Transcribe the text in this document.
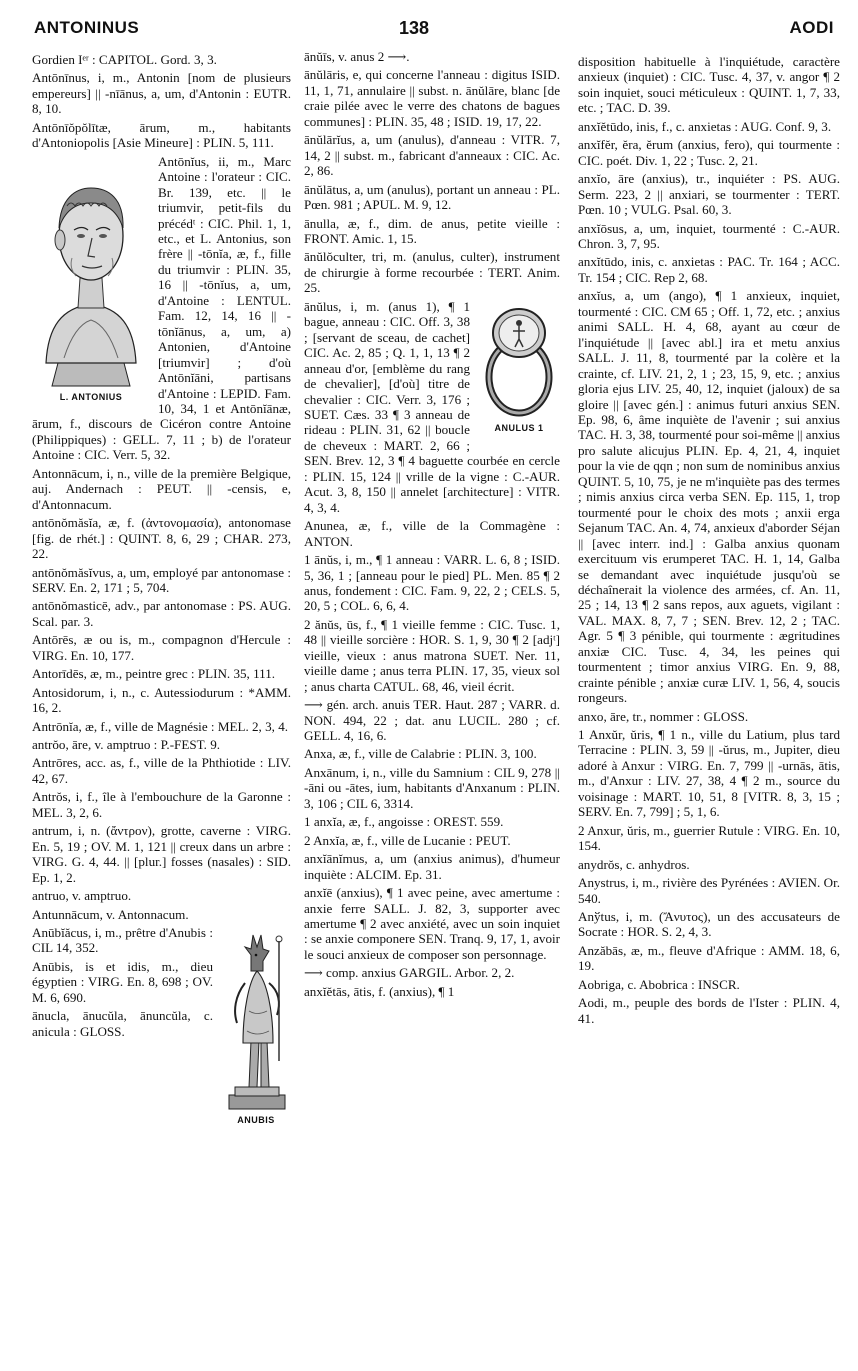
ANTONINUS	138	AODI

Gordien Iᵉʳ : CAPITOL. Gord. 3, 3.

Antōnīnus, i, m., Antonin [nom de plusieurs empereurs] || -nīānus, a, um, d'Antonin : EUTR. 8, 10.

Antōnīŏpŏlītæ, ārum, m., habitants d'Antoniopolis [Asie Mineure] : PLIN. 5, 111.

L. ANTONIUS

Antōnĭus, ii, m., Marc Antoine : l'orateur : CIC. Br. 139, etc. || le triumvir, petit-fils du précédᵗ : CIC. Phil. 1, 1, etc., et L. Antonius, son frère || -tōnĭa, æ, f., fille du triumvir : PLIN. 35, 16 || -tōnĭus, a, um, d'Antoine : LENTUL. Fam. 12, 14, 16 || -tōnĭānus, a, um, a) Antonien, d'Antoine [triumvir] ; d'où Antōnĭāni, partisans d'Antoine : LEPID. Fam. 10, 34, 1 et Antōnĭānæ, ārum, f., discours de Cicéron contre Antoine (Philippiques) : GELL. 7, 11 ; b) de l'orateur Antoine : CIC. Verr. 5, 32.

Antonnācum, i, n., ville de la première Belgique, auj. Andernach : PEUT. || -censis, e, d'Antonnacum.

antōnŏmăsĭa, æ, f. (ἀντονομασία), antonomase [fig. de rhét.] : QUINT. 8, 6, 29 ; CHAR. 273, 22.

antōnŏmăsĭvus, a, um, employé par antonomase : SERV. En. 2, 171 ; 5, 704.

antōnŏmasticē, adv., par antonomase : PS. AUG. Scal. par. 3.

Antōrēs, æ ou is, m., compagnon d'Hercule : VIRG. En. 10, 177.

Antorīdēs, æ, m., peintre grec : PLIN. 35, 111.

Antosidorum, i, n., c. Autessiodurum : *AMM. 16, 2.

Antrōnĭa, æ, f., ville de Magnésie : MEL. 2, 3, 4.

antrŏo, āre, v. amptruo : P.-FEST. 9.

Antrōres, acc. as, f., ville de la Phthiotide : LIV. 42, 67.

Antrŏs, i, f., île à l'embouchure de la Garonne : MEL. 3, 2, 6.

antrum, i, n. (ἄντρον), grotte, caverne : VIRG. En. 5, 19 ; OV. M. 1, 121 || creux dans un arbre : VIRG. G. 4, 44. || [plur.] fosses (nasales) : SID. Ep. 1, 2.

antruo, v. amptruo.

ANUBIS

Antunnācum, v. Antonnacum.

Anūbĭăcus, i, m., prêtre d'Anubis : CIL 14, 352.

Anūbis, is et idis, m., dieu égyptien : VIRG. En. 8, 698 ; OV. M. 6, 690.

ānucla, ānucŭla, ānuncŭla, c. anicula : GLOSS.

ānŭīs, v. anus 2 ⟶.

ānŭlāris, e, qui concerne l'anneau : digitus ISID. 11, 1, 71, annulaire || subst. n. ānŭlāre, blanc [de craie pilée avec le verre des chatons de bagues communes] : PLIN. 35, 48 ; ISID. 19, 17, 22.

ānŭlārĭus, a, um (anulus), d'anneau : VITR. 7, 14, 2 || subst. m., fabricant d'anneaux : CIC. Ac. 2, 86.

ānŭlātus, a, um (anulus), portant un anneau : PL. Pœn. 981 ; APUL. M. 9, 12.

ānulla, æ, f., dim. de anus, petite vieille : FRONT. Amic. 1, 15.

ānŭlŏculter, tri, m. (anulus, culter), instrument de chirurgie à forme recourbée : TERT. Anim. 25.

ANULUS 1

ānŭlus, i, m. (anus 1), ¶ 1 bague, anneau : CIC. Off. 3, 38 ; [servant de sceau, de cachet] CIC. Ac. 2, 85 ; Q. 1, 1, 13 ¶ 2 anneau d'or, [emblème du rang de chevalier], [d'où] titre de chevalier : CIC. Verr. 3, 176 ; SUET. Cæs. 33 ¶ 3 anneau de rideau : PLIN. 31, 62 || boucle de cheveux : MART. 2, 66 ; SEN. Brev. 12, 3 ¶ 4 baguette courbée en cercle : PLIN. 15, 124 || vrille de la vigne : C.-AUR. Acut. 3, 8, 150 || annelet [architecture] : VITR. 4, 3, 4.

Anunea, æ, f., ville de la Commagène : ANTON.

1 ānŭs, i, m., ¶ 1 anneau : VARR. L. 6, 8 ; ISID. 5, 36, 1 ; [anneau pour le pied] PL. Men. 85 ¶ 2 anus, fondement : CIC. Fam. 9, 22, 2 ; CELS. 5, 20, 5 ; COL. 6, 6, 4.

2 ănŭs, ūs, f., ¶ 1 vieille femme : CIC. Tusc. 1, 48 || vieille sorcière : HOR. S. 1, 9, 30 ¶ 2 [adjᵗ] vieille, vieux : anus matrona SUET. Ner. 11, vieille dame ; anus terra PLIN. 17, 35, vieux sol ; anus charta CATUL. 68, 46, vieil écrit.

⟶ gén. arch. anuis TER. Haut. 287 ; VARR. d. NON. 494, 22 ; dat. anu LUCIL. 280 ; cf. GELL. 4, 16, 6.

Anxa, æ, f., ville de Calabrie : PLIN. 3, 100.

Anxānum, i, n., ville du Samnium : CIL 9, 278 || -āni ou -ātes, ium, habitants d'Anxanum : PLIN. 3, 106 ; CIL 6, 3314.

1 anxĭa, æ, f., angoisse : OREST. 559.

2 Anxĭa, æ, f., ville de Lucanie : PEUT.

anxĭānĭmus, a, um (anxius animus), d'humeur inquiète : ALCIM. Ep. 31.

anxĭē (anxius), ¶ 1 avec peine, avec amertume : anxie ferre SALL. J. 82, 3, supporter avec amertume ¶ 2 avec anxiété, avec un soin inquiet : se anxie componere SEN. Tranq. 9, 17, 1, avoir le souci anxieux de composer son personnage.

⟶ comp. anxius GARGIL. Arbor. 2, 2.

anxĭĕtās, ātis, f. (anxius), ¶ 1

disposition habituelle à l'inquiétude, caractère anxieux (inquiet) : CIC. Tusc. 4, 37, v. angor ¶ 2 soin inquiet, souci méticuleux : QUINT. 1, 7, 33, etc. ; TAC. D. 39.

anxĭĕtūdo, inis, f., c. anxietas : AUG. Conf. 9, 3.

anxĭfĕr, ĕra, ĕrum (anxius, fero), qui tourmente : CIC. poét. Div. 1, 22 ; Tusc. 2, 21.

anxĭo, āre (anxius), tr., inquiéter : PS. AUG. Serm. 223, 2 || anxiari, se tourmenter : TERT. Pœn. 10 ; VULG. Psal. 60, 3.

anxĭōsus, a, um, inquiet, tourmenté : C.-AUR. Chron. 3, 7, 95.

anxĭtūdo, inis, c. anxietas : PAC. Tr. 164 ; ACC. Tr. 154 ; CIC. Rep 2, 68.

anxĭus, a, um (ango), ¶ 1 anxieux, inquiet, tourmenté : CIC. CM 65 ; Off. 1, 72, etc. ; anxius animi SALL. H. 4, 68, ayant au cœur de l'inquiétude || [avec abl.] ira et metu anxius SALL. J. 11, 8, tourmenté par la colère et la crainte, cf. LIV. 21, 2, 1 ; 23, 15, 9, etc. ; anxius gloria ejus LIV. 25, 40, 12, inquiet (jaloux) de sa gloire || [avec gén.] : animus futuri anxius SEN. Ep. 98, 6, âme inquiète de l'avenir ; sui anxius TAC. H. 3, 38, tourmenté pour soi-même || anxius pro salute alicujus PLIN. Ep. 4, 21, 4, inquiet pour la vie de qqn ; non sum de nominibus anxius QUINT. 5, 10, 75, je ne m'inquiète pas des termes ; nimis anxius circa verba SEN. Ep. 115, 1, trop tourmenté pour le choix des mots ; anxii erga Sejanum TAC. An. 4, 74, anxieux d'aborder Séjan || [avec interr. ind.] : Galba anxius quonam exercituum vis erumperet TAC. H. 1, 14, Galba se demandant avec inquiétude jusqu'où se déchaînerait la violence des armées, cf. An. 11, 25 ; 14, 13 ¶ 2 sans repos, aux aguets, vigilant : VAL. MAX. 8, 7, 7 ; SEN. Brev. 12, 2 ; TAC. Agr. 5 ¶ 3 pénible, qui tourmente : ægritudines anxiæ CIC. Tusc. 4, 34, les peines qui tourmentent ; timor anxius VIRG. En. 9, 88, crainte pénible ; anxiæ curæ LIV. 1, 56, 4, soucis rongeurs.

anxo, āre, tr., nommer : GLOSS.

1 Anxŭr, ŭris, ¶ 1 n., ville du Latium, plus tard Terracine : PLIN. 3, 59 || -ŭrus, m., Jupiter, dieu adoré à Anxur : VIRG. En. 7, 799 || -urnās, ātis, m., d'Anxur : LIV. 27, 38, 4 ¶ 2 m., source du voisinage : MART. 10, 51, 8 [VITR. 8, 3, 15 ; SERV. En. 7, 799] ; 5, 1, 6.

2 Anxur, ŭris, m., guerrier Rutule : VIRG. En. 10, 154.

anydrŏs, c. anhydros.

Anystrus, i, m., rivière des Pyrénées : AVIEN. Or. 540.

Anўtus, i, m. (Ἄνυτος), un des accusateurs de Socrate : HOR. S. 2, 4, 3.

Anzăbās, æ, m., fleuve d'Afrique : AMM. 18, 6, 19.

Aobriga, c. Abobrica : INSCR.

Aodi, m., peuple des bords de l'Ister : PLIN. 4, 41.
